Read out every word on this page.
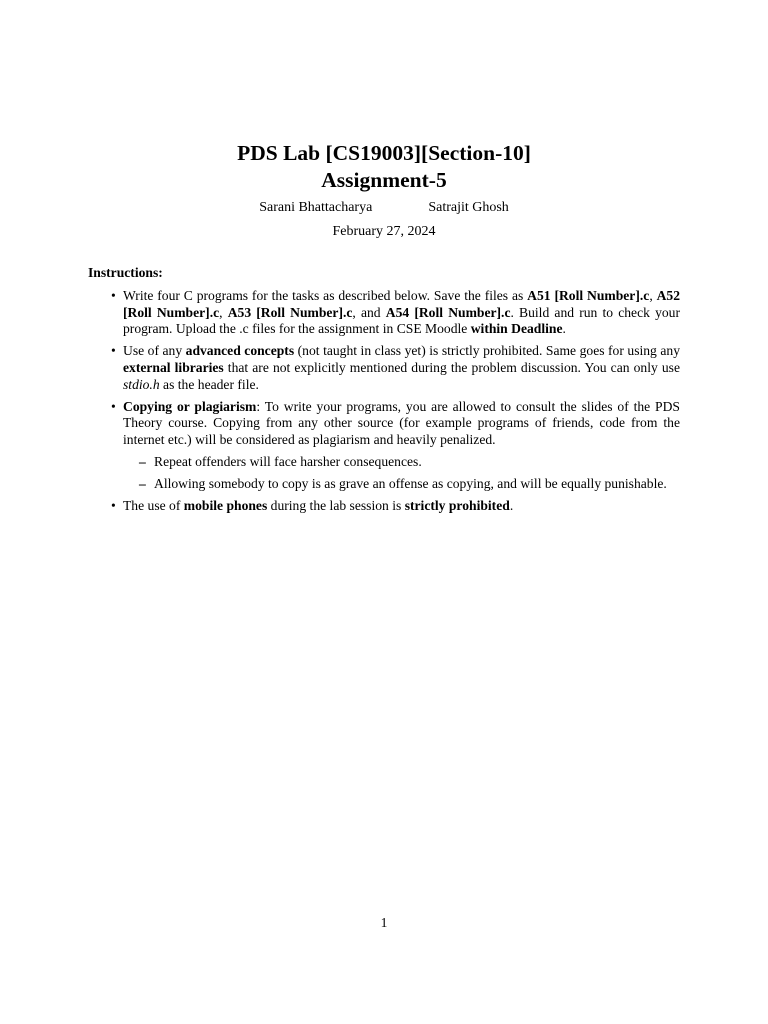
PDS Lab [CS19003][Section-10]
Assignment-5
Sarani Bhattacharya	Satrajit Ghosh
February 27, 2024
Instructions:
• Write four C programs for the tasks as described below. Save the files as A51 [Roll Number].c, A52 [Roll Number].c, A53 [Roll Number].c, and A54 [Roll Number].c. Build and run to check your program. Upload the .c files for the assignment in CSE Moodle within Deadline.
• Use of any advanced concepts (not taught in class yet) is strictly prohibited. Same goes for using any external libraries that are not explicitly mentioned during the problem discussion. You can only use stdio.h as the header file.
• Copying or plagiarism: To write your programs, you are allowed to consult the slides of the PDS Theory course. Copying from any other source (for example programs of friends, code from the internet etc.) will be considered as plagiarism and heavily penalized.
– Repeat offenders will face harsher consequences.
– Allowing somebody to copy is as grave an offense as copying, and will be equally punishable.
• The use of mobile phones during the lab session is strictly prohibited.
1
